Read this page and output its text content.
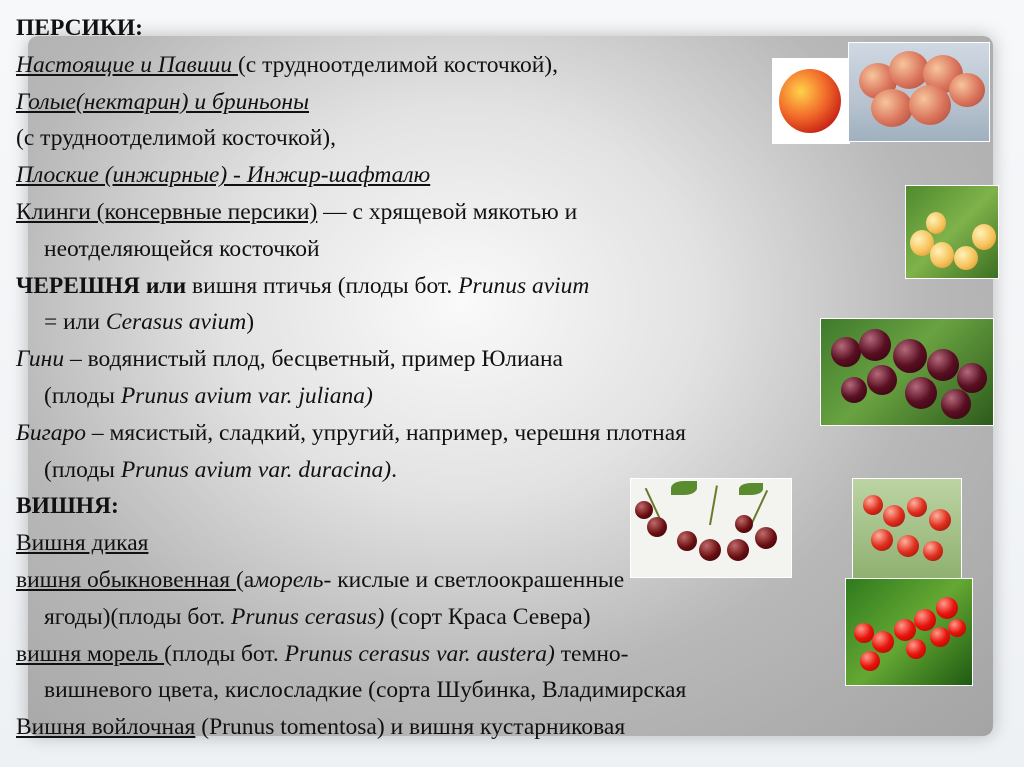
ПЕРСИКИ:
Настоящие и Павиии (с трудноотделимой косточкой),
Голые(нектарин) и бриньоны
(с трудноотделимой косточкой),
Плоские (инжирные) - Инжир-шафталю
Клинги (консервные персики) — с хрящевой мякотью и
неотделяющейся косточкой
ЧЕРЕШНЯ или вишня птичья (плоды бот. Prunus avium
= или Cerasus avium)
Гини – водянистый плод, бесцветный, пример Юлиана
(плоды Prunus avium var. juliana)
Бигаро – мясистый, сладкий, упругий, например, черешня плотная
(плоды Prunus avium var. duracina).
ВИШНЯ:
Вишня дикая
вишня обыкновенная (аморель- кислые и светлоокрашенные
ягоды)(плоды бот. Prunus cerasus) (сорт Краса Севера)
вишня морель (плоды бот. Prunus cerasus var. austera) темно-
вишневого цвета, кислосладкие (сорта Шубинка, Владимирская
Вишня войлочная (Prunus tomentosa) и вишня кустарниковая
